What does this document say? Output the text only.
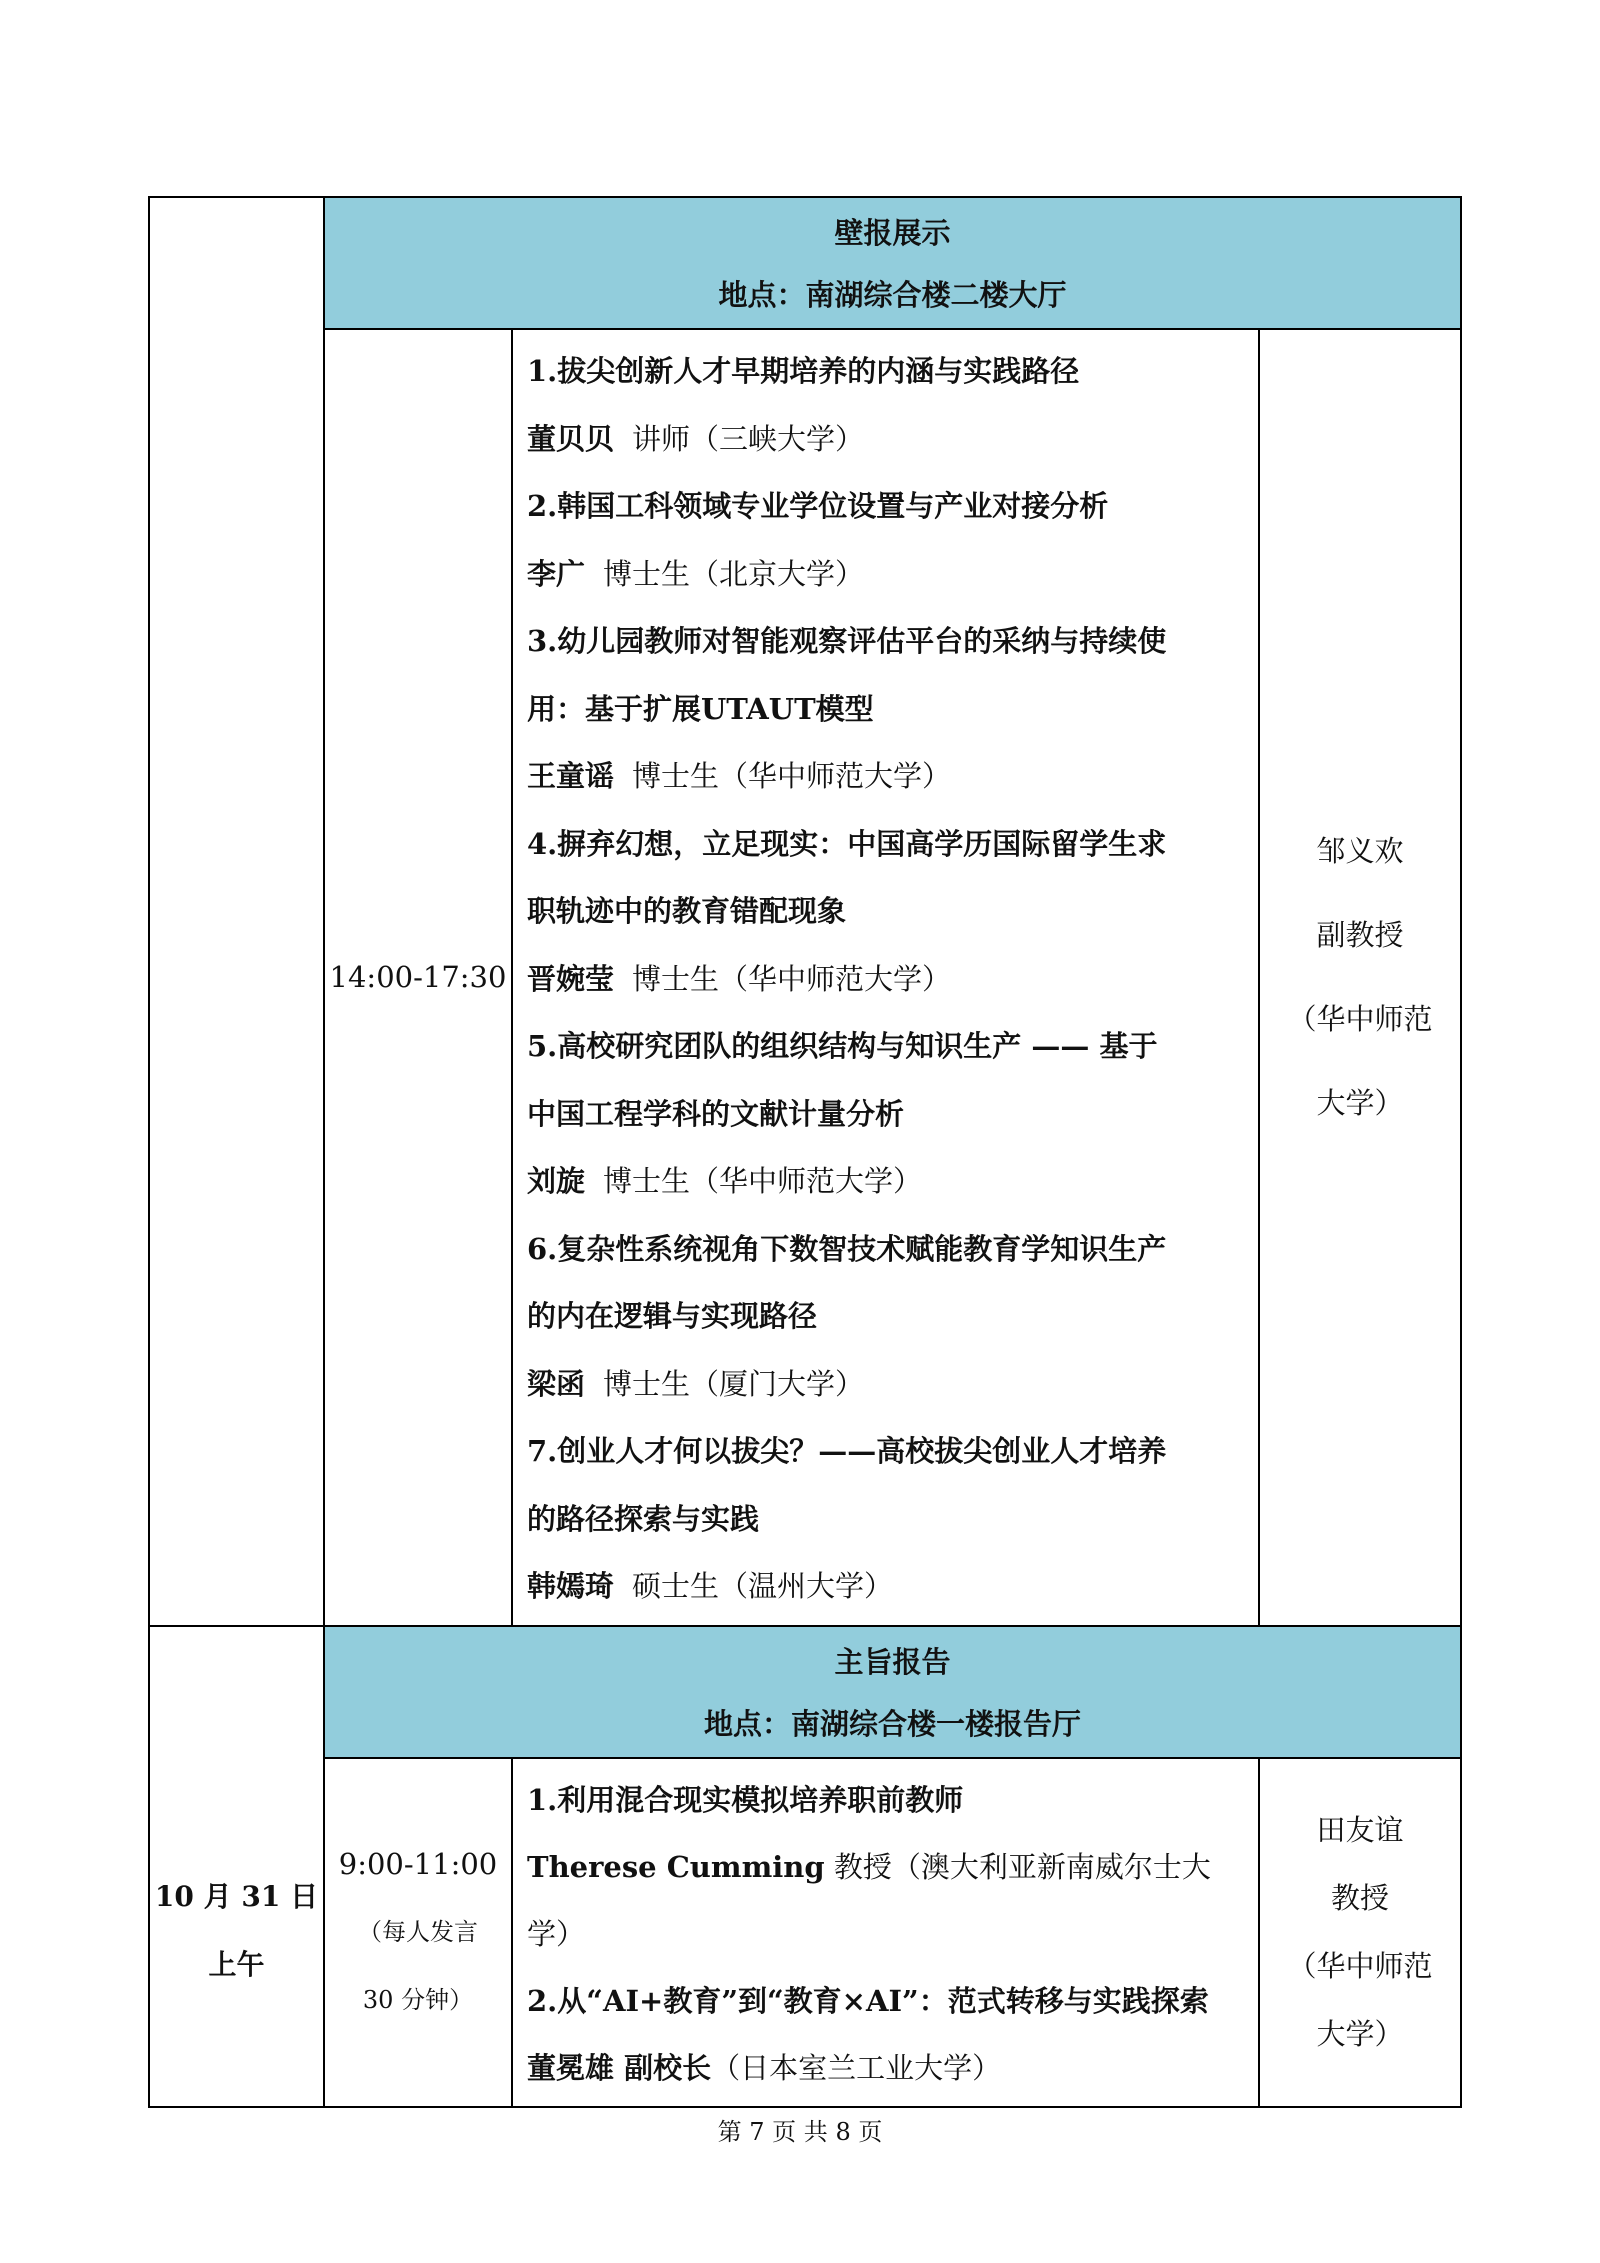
壁报展示
地点：南湖综合楼二楼大厅
14:00-17:30
1.拔尖创新人才早期培养的内涵与实践路径
董贝贝 讲师（三峡大学）
2.韩国工科领域专业学位设置与产业对接分析
李广 博士生（北京大学）
3.幼儿园教师对智能观察评估平台的采纳与持续使
用：基于扩展UTAUT模型
王童谣 博士生（华中师范大学）
4.摒弃幻想，立足现实：中国高学历国际留学生求
职轨迹中的教育错配现象
晋婉莹 博士生（华中师范大学）
5.高校研究团队的组织结构与知识生产 —— 基于
中国工程学科的文献计量分析
刘旋 博士生（华中师范大学）
6.复杂性系统视角下数智技术赋能教育学知识生产
的内在逻辑与实现路径
梁函 博士生（厦门大学）
7.创业人才何以拔尖？——高校拔尖创业人才培养
的路径探索与实践
韩嫣琦 硕士生（温州大学）
邹义欢
副教授
（华中师范
大学）
10 月 31 日
上午
主旨报告
地点：南湖综合楼一楼报告厅
9:00-11:00
（每人发言
30 分钟）
1.利用混合现实模拟培养职前教师
Therese Cumming 教授（澳大利亚新南威尔士大
学）
2.从“AI+教育”到“教育×AI”：范式转移与实践探索
董冕雄 副校长（日本室兰工业大学）
田友谊
教授
（华中师范
大学）
第 7 页 共 8 页
